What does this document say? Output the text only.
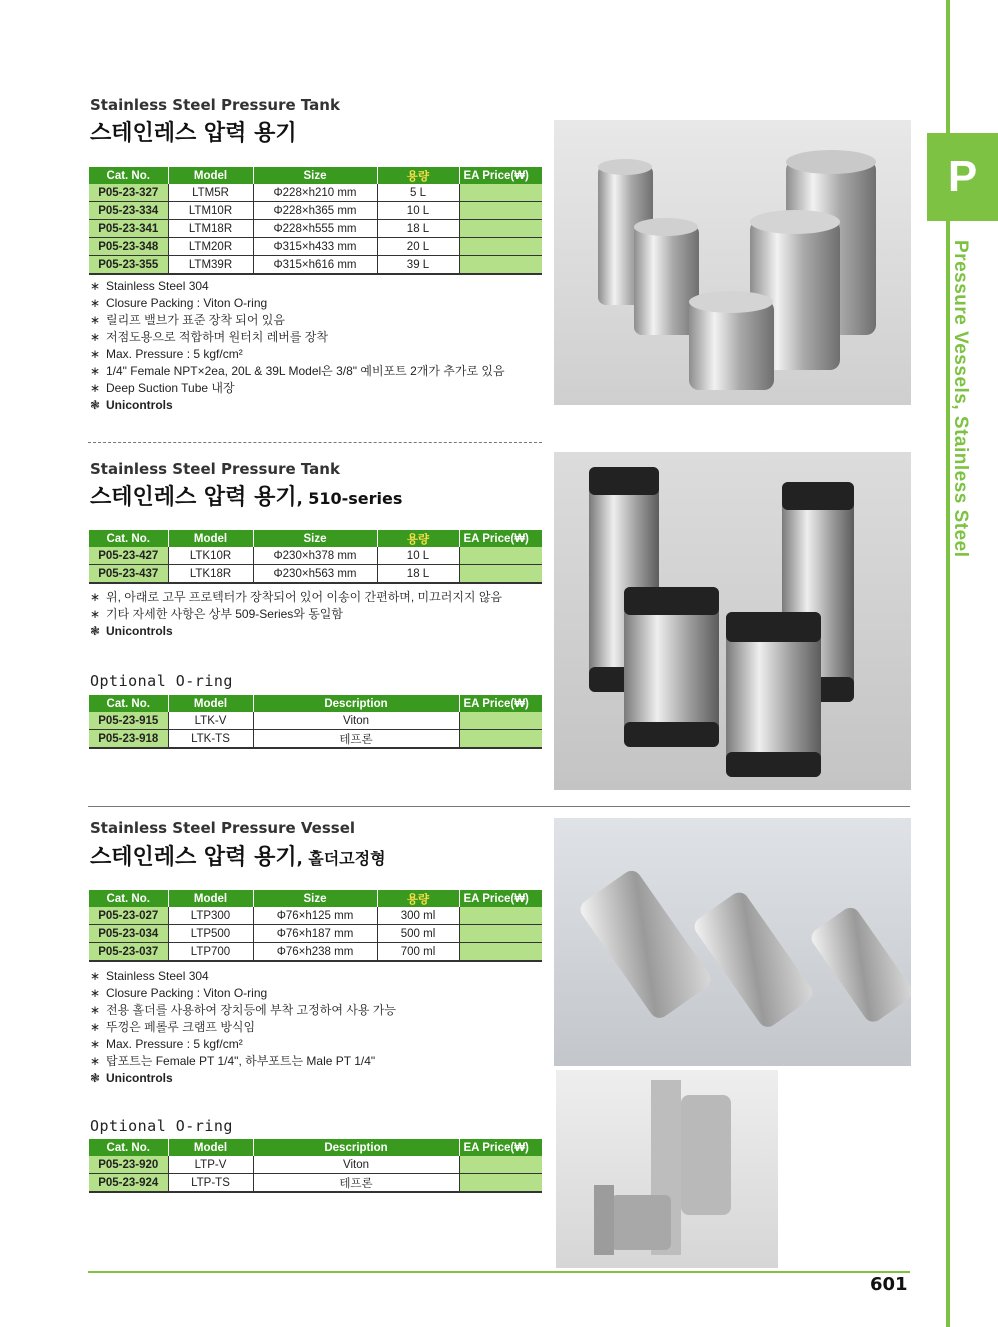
P
Pressure Vessels, Stainless Steel
Stainless Steel Pressure Tank
스테인레스 압력 용기
Cat. No.	Model	Size	용량	EA Price(₩)
P05-23-327	LTM5R	Φ228×h210 mm	5 L	
P05-23-334	LTM10R	Φ228×h365 mm	10 L	
P05-23-341	LTM18R	Φ228×h555 mm	18 L	
P05-23-348	LTM20R	Φ315×h433 mm	20 L	
P05-23-355	LTM39R	Φ315×h616 mm	39 L	
∗ Stainless Steel 304
∗ Closure Packing : Viton O-ring
∗ 릴리프 밸브가 표준 장착 되어 있음
∗ 저점도용으로 적합하며 원터치 레버를 장착
∗ Max. Pressure : 5 kgf/cm²
∗ 1/4" Female NPT×2ea, 20L & 39L Model은 3/8" 예비포트 2개가 추가로 있음
∗ Deep Suction Tube 내장
❃ Unicontrols
Stainless Steel Pressure Tank
스테인레스 압력 용기, 510-series
Cat. No.	Model	Size	용량	EA Price(₩)
P05-23-427	LTK10R	Φ230×h378 mm	10 L	
P05-23-437	LTK18R	Φ230×h563 mm	18 L	
∗ 위, 아래로 고무 프로텍터가 장착되어 있어 이송이 간편하며, 미끄러지지 않음
∗ 기타 자세한 사항은 상부 509-Series와 동일함
❃ Unicontrols
Optional O-ring
Cat. No.	Model	Description	EA Price(₩)
P05-23-915	LTK-V	Viton	
P05-23-918	LTK-TS	테프론	
Stainless Steel Pressure Vessel
스테인레스 압력 용기, 홀더고정형
Cat. No.	Model	Size	용량	EA Price(₩)
P05-23-027	LTP300	Φ76×h125 mm	300 ml	
P05-23-034	LTP500	Φ76×h187 mm	500 ml	
P05-23-037	LTP700	Φ76×h238 mm	700 ml	
∗ Stainless Steel 304
∗ Closure Packing : Viton O-ring
∗ 전용 홀더를 사용하여 장치등에 부착 고정하여 사용 가능
∗ 뚜껑은 페롤루 크램프 방식임
∗ Max. Pressure : 5 kgf/cm²
∗ 탑포트는 Female PT 1/4", 하부포트는 Male PT 1/4"
❃ Unicontrols
Optional O-ring
Cat. No.	Model	Description	EA Price(₩)
P05-23-920	LTP-V	Viton	
P05-23-924	LTP-TS	테프론	
601
